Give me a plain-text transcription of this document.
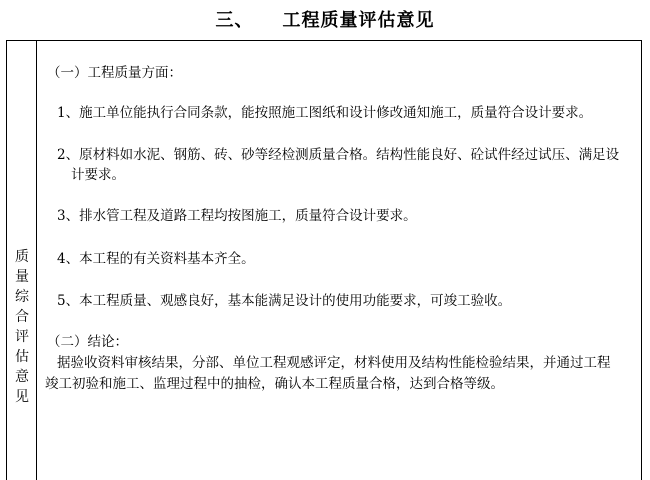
三、    工程质量评估意见
质
量
综
合
评
估
意
见
（一）工程质量方面：
1、施工单位能执行合同条款，能按照施工图纸和设计修改通知施工，质量符合设计要求。
2、原材料如水泥、钢筋、砖、砂等经检测质量合格。结构性能良好、砼试件经过试压、满足设
计要求。
3、排水管工程及道路工程均按图施工，质量符合设计要求。
4、本工程的有关资料基本齐全。
5、本工程质量、观感良好，基本能满足设计的使用功能要求，可竣工验收。
（二）结论：
据验收资料审核结果，分部、单位工程观感评定，材料使用及结构性能检验结果，并通过工程
竣工初验和施工、监理过程中的抽检，确认本工程质量合格，达到合格等级。
